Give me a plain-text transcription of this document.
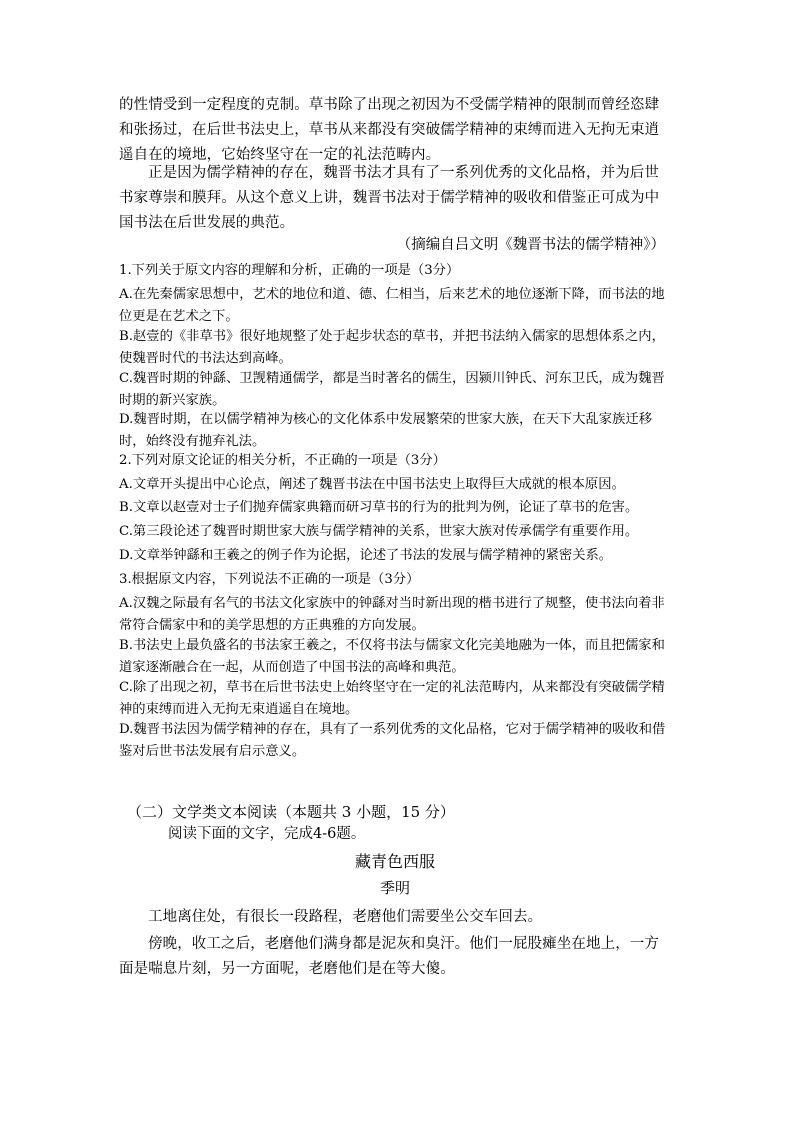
的性情受到一定程度的克制。草书除了出现之初因为不受儒学精神的限制而曾经恣肆和张扬过，在后世书法史上，草书从来都没有突破儒学精神的束缚而进入无拘无束逍遥自在的境地，它始终坚守在一定的礼法范畴内。

正是因为儒学精神的存在，魏晋书法才具有了一系列优秀的文化品格，并为后世书家尊崇和膜拜。从这个意义上讲，魏晋书法对于儒学精神的吸收和借鉴正可成为中国书法在后世发展的典范。

（摘编自吕文明《魏晋书法的儒学精神》）

1.下列关于原文内容的理解和分析，正确的一项是（3分）

A.在先秦儒家思想中，艺术的地位和道、德、仁相当，后来艺术的地位逐渐下降，而书法的地位更是在艺术之下。

B.赵壹的《非草书》很好地规整了处于起步状态的草书，并把书法纳入儒家的思想体系之内，使魏晋时代的书法达到高峰。

C.魏晋时期的钟繇、卫觊精通儒学，都是当时著名的儒生，因颍川钟氏、河东卫氏，成为魏晋时期的新兴家族。

D.魏晋时期，在以儒学精神为核心的文化体系中发展繁荣的世家大族，在天下大乱家族迁移时，始终没有抛弃礼法。

2.下列对原文论证的相关分析，不正确的一项是（3分）

A.文章开头提出中心论点，阐述了魏晋书法在中国书法史上取得巨大成就的根本原因。

B.文章以赵壹对士子们抛弃儒家典籍而研习草书的行为的批判为例，论证了草书的危害。

C.第三段论述了魏晋时期世家大族与儒学精神的关系，世家大族对传承儒学有重要作用。

D.文章举钟繇和王羲之的例子作为论据，论述了书法的发展与儒学精神的紧密关系。

3.根据原文内容，下列说法不正确的一项是（3分）

A.汉魏之际最有名气的书法文化家族中的钟繇对当时新出现的楷书进行了规整，使书法向着非常符合儒家中和的美学思想的方正典雅的方向发展。

B.书法史上最负盛名的书法家王羲之，不仅将书法与儒家文化完美地融为一体，而且把儒家和道家逐渐融合在一起，从而创造了中国书法的高峰和典范。

C.除了出现之初，草书在后世书法史上始终坚守在一定的礼法范畴内，从来都没有突破儒学精神的束缚而进入无拘无束逍遥自在境地。

D.魏晋书法因为儒学精神的存在，具有了一系列优秀的文化品格，它对于儒学精神的吸收和借鉴对后世书法发展有启示意义。

（二）文学类文本阅读（本题共 3 小题，15 分）

阅读下面的文字，完成4-6题。

藏青色西服

季明

工地离住处，有很长一段路程，老磨他们需要坐公交车回去。

傍晚，收工之后，老磨他们满身都是泥灰和臭汗。他们一屁股瘫坐在地上，一方面是喘息片刻，另一方面呢，老磨他们是在等大傻。
